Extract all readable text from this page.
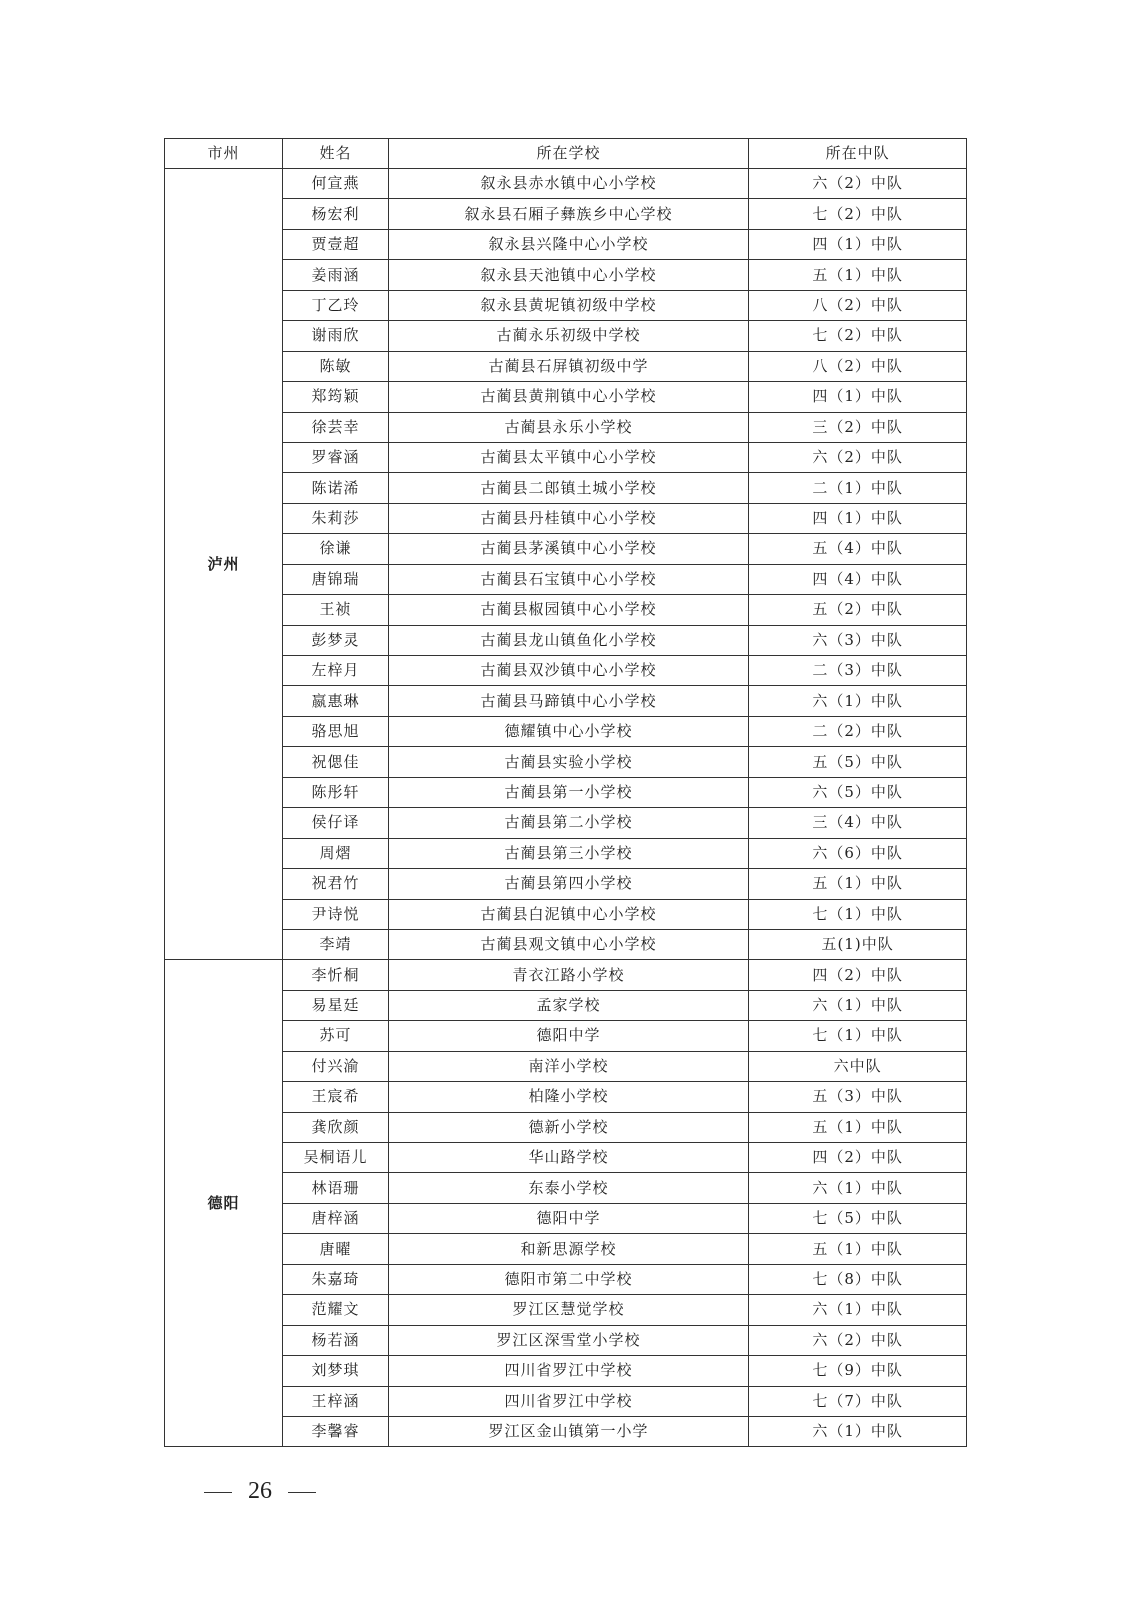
市州	姓名	所在学校	所在中队
泸州	何宣燕	叙永县赤水镇中心小学校	六（2）中队
	杨宏利	叙永县石厢子彝族乡中心学校	七（2）中队
	贾壹超	叙永县兴隆中心小学校	四（1）中队
	姜雨涵	叙永县天池镇中心小学校	五（1）中队
	丁乙玲	叙永县黄坭镇初级中学校	八（2）中队
	谢雨欣	古蔺永乐初级中学校	七（2）中队
	陈敏	古蔺县石屏镇初级中学	八（2）中队
	郑筠颖	古蔺县黄荆镇中心小学校	四（1）中队
	徐芸幸	古蔺县永乐小学校	三（2）中队
	罗睿涵	古蔺县太平镇中心小学校	六（2）中队
	陈诺浠	古蔺县二郎镇土城小学校	二（1）中队
	朱莉莎	古蔺县丹桂镇中心小学校	四（1）中队
	徐谦	古蔺县茅溪镇中心小学校	五（4）中队
	唐锦瑞	古蔺县石宝镇中心小学校	四（4）中队
	王祯	古蔺县椒园镇中心小学校	五（2）中队
	彭梦灵	古蔺县龙山镇鱼化小学校	六（3）中队
	左梓月	古蔺县双沙镇中心小学校	二（3）中队
	嬴惠琳	古蔺县马蹄镇中心小学校	六（1）中队
	骆思旭	德耀镇中心小学校	二（2）中队
	祝偲佳	古蔺县实验小学校	五（5）中队
	陈彤轩	古蔺县第一小学校	六（5）中队
	侯仔译	古蔺县第二小学校	三（4）中队
	周熠	古蔺县第三小学校	六（6）中队
	祝君竹	古蔺县第四小学校	五（1）中队
	尹诗悦	古蔺县白泥镇中心小学校	七（1）中队
	李靖	古蔺县观文镇中心小学校	五(1)中队
德阳	李忻桐	青衣江路小学校	四（2）中队
	易星廷	孟家学校	六（1）中队
	苏可	德阳中学	七（1）中队
	付兴渝	南洋小学校	六中队
	王宸希	柏隆小学校	五（3）中队
	龚欣颜	德新小学校	五（1）中队
	吴桐语儿	华山路学校	四（2）中队
	林语珊	东泰小学校	六（1）中队
	唐梓涵	德阳中学	七（5）中队
	唐曜	和新思源学校	五（1）中队
	朱嘉琦	德阳市第二中学校	七（8）中队
	范耀文	罗江区慧觉学校	六（1）中队
	杨若涵	罗江区深雪堂小学校	六（2）中队
	刘梦琪	四川省罗江中学校	七（9）中队
	王梓涵	四川省罗江中学校	七（7）中队
	李馨睿	罗江区金山镇第一小学	六（1）中队
26
